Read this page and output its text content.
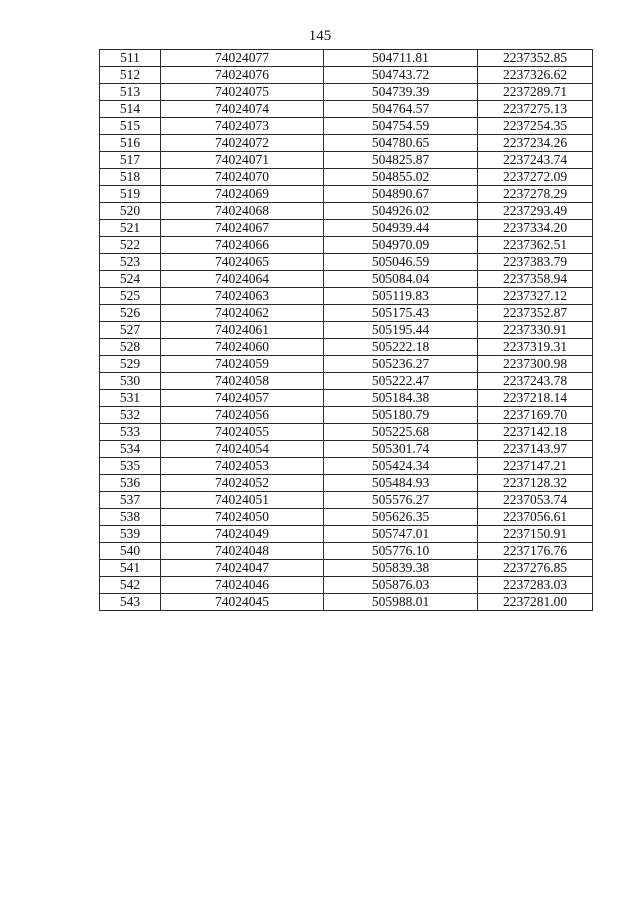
145
511	74024077	504711.81	2237352.85
512	74024076	504743.72	2237326.62
513	74024075	504739.39	2237289.71
514	74024074	504764.57	2237275.13
515	74024073	504754.59	2237254.35
516	74024072	504780.65	2237234.26
517	74024071	504825.87	2237243.74
518	74024070	504855.02	2237272.09
519	74024069	504890.67	2237278.29
520	74024068	504926.02	2237293.49
521	74024067	504939.44	2237334.20
522	74024066	504970.09	2237362.51
523	74024065	505046.59	2237383.79
524	74024064	505084.04	2237358.94
525	74024063	505119.83	2237327.12
526	74024062	505175.43	2237352.87
527	74024061	505195.44	2237330.91
528	74024060	505222.18	2237319.31
529	74024059	505236.27	2237300.98
530	74024058	505222.47	2237243.78
531	74024057	505184.38	2237218.14
532	74024056	505180.79	2237169.70
533	74024055	505225.68	2237142.18
534	74024054	505301.74	2237143.97
535	74024053	505424.34	2237147.21
536	74024052	505484.93	2237128.32
537	74024051	505576.27	2237053.74
538	74024050	505626.35	2237056.61
539	74024049	505747.01	2237150.91
540	74024048	505776.10	2237176.76
541	74024047	505839.38	2237276.85
542	74024046	505876.03	2237283.03
543	74024045	505988.01	2237281.00
